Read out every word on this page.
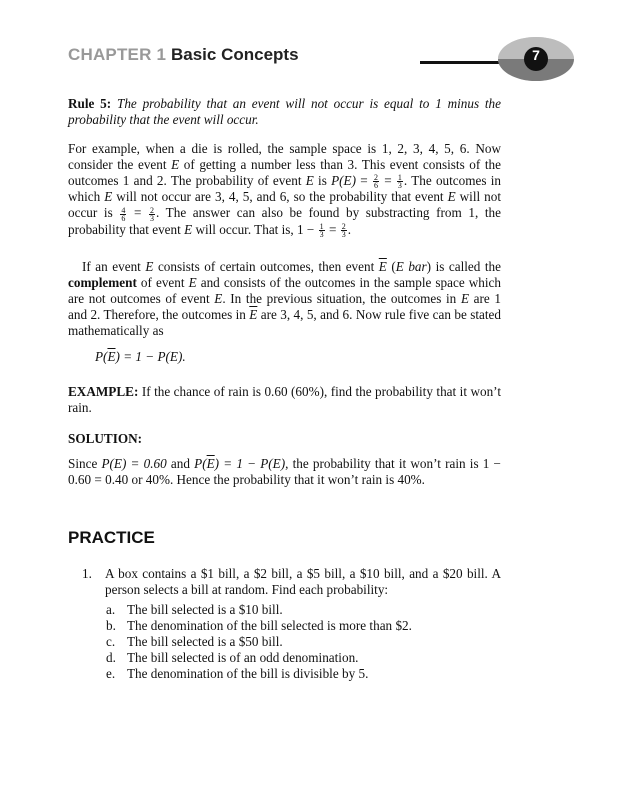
CHAPTER 1 Basic Concepts	7
Rule 5: The probability that an event will not occur is equal to 1 minus the probability that the event will occur.
For example, when a die is rolled, the sample space is 1, 2, 3, 4, 5, 6. Now consider the event E of getting a number less than 3. This event consists of the outcomes 1 and 2. The probability of event E is $P(E) = \frac{2}{6} = \frac{1}{3}$ . The outcomes in which E will not occur are 3, 4, 5, and 6, so the probability that event E will not occur is $\frac{4}{6} = \frac{2}{3}$ . The answer can also be found by substracting from 1, the probability that event E will occur. That is, $1 - \frac{1}{3} = \frac{2}{3}$ .
If an event E consists of certain outcomes, then event $\overline{E}$ (E bar) is called the complement of event E and consists of the outcomes in the sample space which are not outcomes of event E. In the previous situation, the outcomes in E are 1 and 2. Therefore, the outcomes in $\overline{E}$ are 3, 4, 5, and 6. Now rule five can be stated mathematically as
$P(\overline{E}) = 1 - P(E)$.
EXAMPLE: If the chance of rain is 0.60 (60%), find the probability that it won’t rain.
SOLUTION:
Since P(E) = 0.60 and $P(\overline{E}) = 1 - P(E)$, the probability that it won’t rain is 1 − 0.60 = 0.40 or 40%. Hence the probability that it won’t rain is 40%.
PRACTICE
1. A box contains a $1 bill, a $2 bill, a $5 bill, a $10 bill, and a $20 bill. A person selects a bill at random. Find each probability:
a. The bill selected is a $10 bill.
b. The denomination of the bill selected is more than $2.
c. The bill selected is a $50 bill.
d. The bill selected is of an odd denomination.
e. The denomination of the bill is divisible by 5.
